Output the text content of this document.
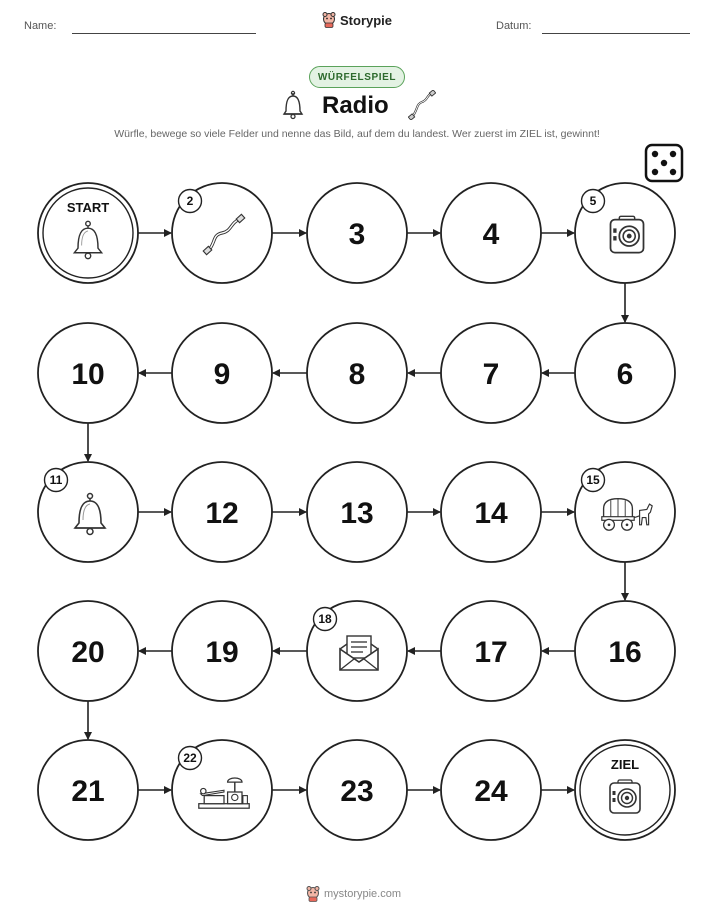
Name:	Storypie	Datum:
WÜRFELSPIEL
Radio
Würfle, bewege so viele Felder und nenne das Bild, auf dem du landest. Wer zuerst im ZIEL ist, gewinnt!
START	2
3	4
5
6
7
8
9
10
11
12	13	14
15
16
17
18
19
20
21
22
23	24
ZIEL
mystorypie.com
